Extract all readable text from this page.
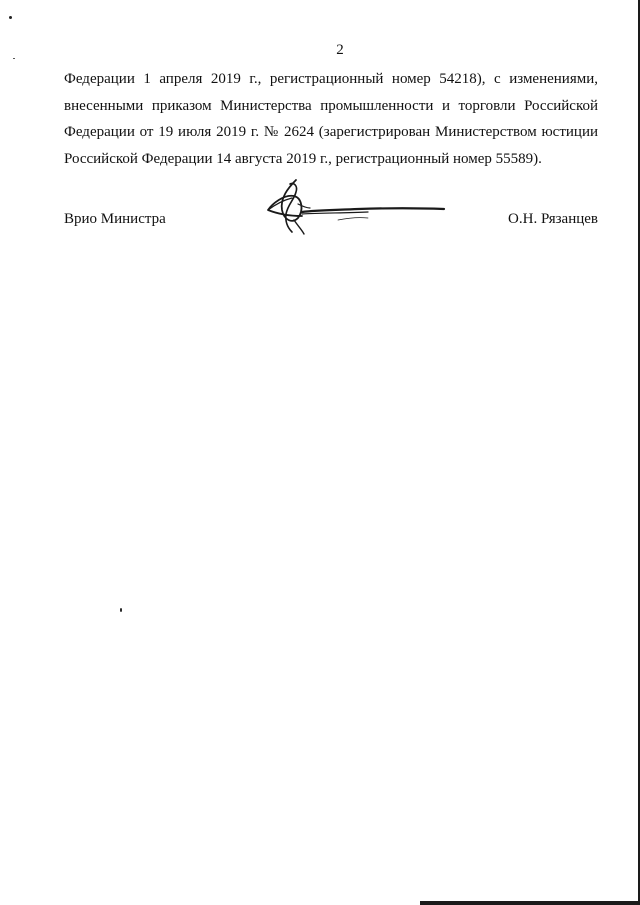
2
Федерации 1 апреля 2019 г., регистрационный номер 54218), с изменениями,
внесенными приказом Министерства промышленности и торговли Российской
Федерации от 19 июля 2019 г. № 2624 (зарегистрирован Министерством юстиции
Российской Федерации 14 августа 2019 г., регистрационный номер 55589).
Врио Министра	О.Н. Рязанцев
